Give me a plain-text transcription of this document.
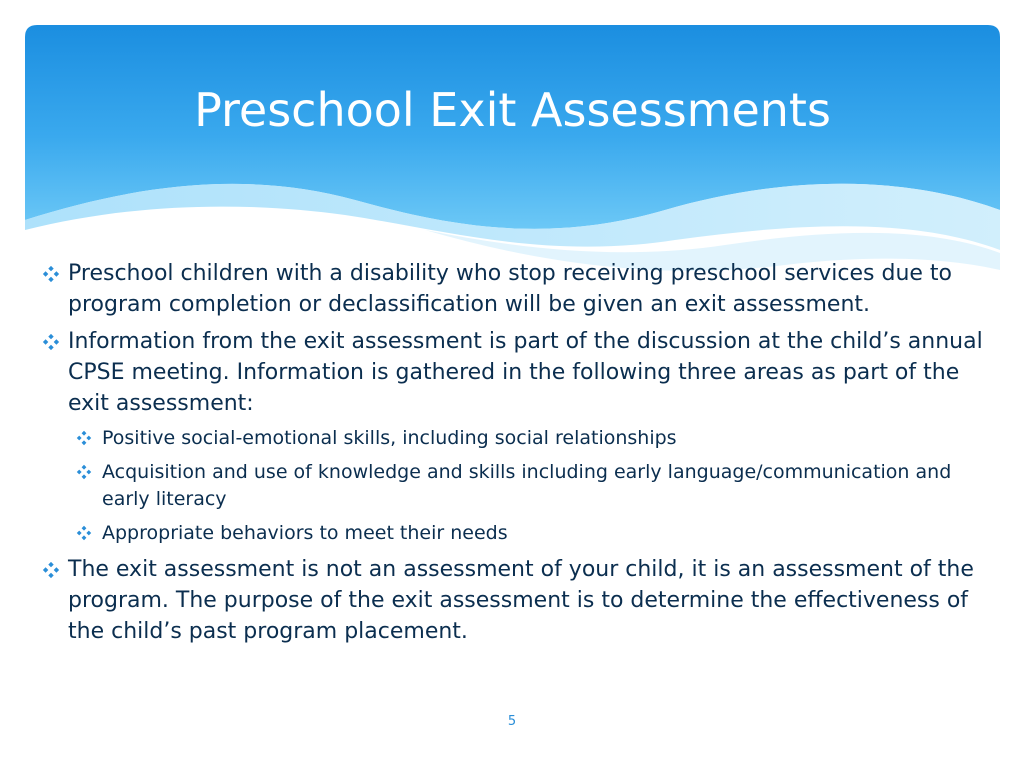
Preschool Exit Assessments
Preschool children with a disability who stop receiving preschool services due to program completion or declassification will be given an exit assessment.
Information from the exit assessment is part of the discussion at the child’s annual CPSE meeting. Information is gathered in the following three areas as part of the exit assessment:
Positive social-emotional skills, including social relationships
Acquisition and use of knowledge and skills including early language/communication and early literacy
Appropriate behaviors to meet their needs
The exit assessment is not an assessment of your child, it is an assessment of the program. The purpose of the exit assessment is to determine the effectiveness of the child’s past program placement.
5
